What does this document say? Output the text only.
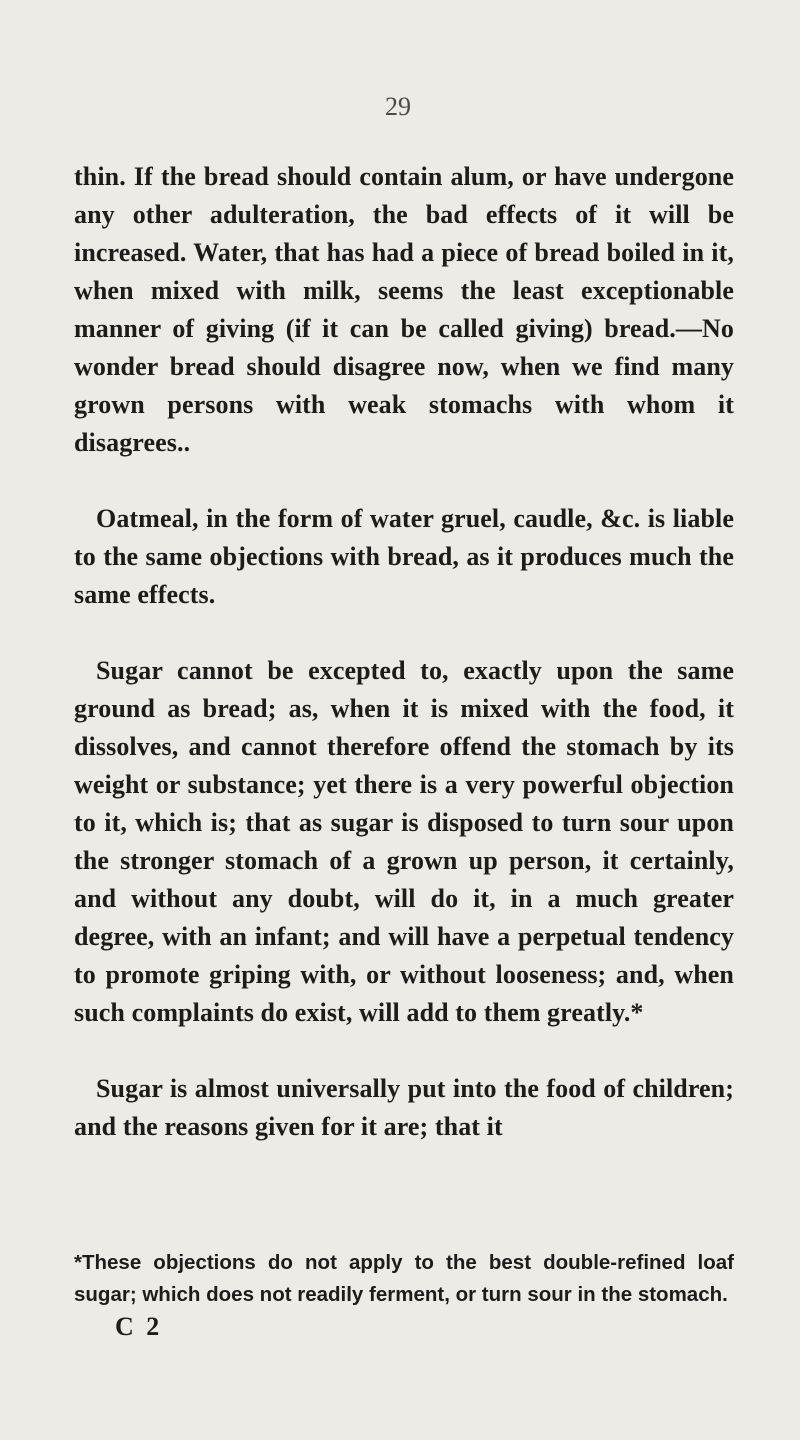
29

thin. If the bread should contain alum, or have undergone any other adulteration, the bad effects of it will be increased. Water, that has had a piece of bread boiled in it, when mixed with milk, seems the least exceptionable manner of giving (if it can be called giving) bread.—No wonder bread should disagree now, when we find many grown persons with weak stomachs with whom it disagrees..

Oatmeal, in the form of water gruel, caudle, &c. is liable to the same objections with bread, as it produces much the same effects.

Sugar cannot be excepted to, exactly upon the same ground as bread; as, when it is mixed with the food, it dissolves, and cannot therefore offend the stomach by its weight or substance; yet there is a very powerful objection to it, which is; that as sugar is disposed to turn sour upon the stronger stomach of a grown up person, it certainly, and without any doubt, will do it, in a much greater degree, with an infant; and will have a perpetual tendency to promote griping with, or without looseness; and, when such complaints do exist, will add to them greatly.*

Sugar is almost universally put into the food of children; and the reasons given for it are; that it

*These objections do not apply to the best double-refined loaf sugar; which does not readily ferment, or turn sour in the stomach.
C 2
